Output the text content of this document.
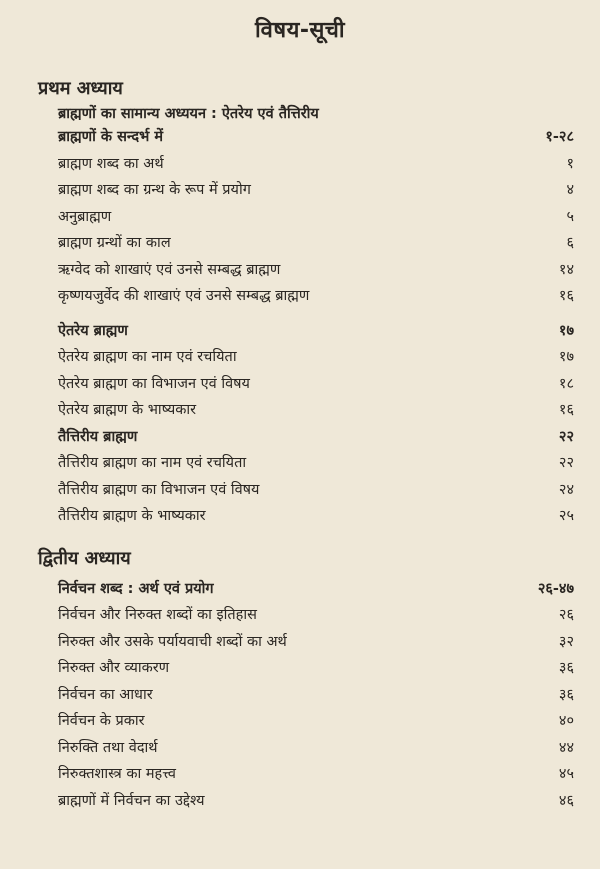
विषय-सूची
प्रथम अध्याय
ब्राह्मणों का सामान्य अध्ययन : ऐतरेय एवं तैत्तिरीय
ब्राह्मणों के सन्दर्भ में	१-२८
ब्राह्मण शब्द का अर्थ	१
ब्राह्मण शब्द का ग्रन्थ के रूप में प्रयोग	४
अनुब्राह्मण	५
ब्राह्मण ग्रन्थों का काल	६
ऋग्वेद को शाखाएं एवं उनसे सम्बद्ध ब्राह्मण	१४
कृष्णयजुर्वेद की शाखाएं एवं उनसे सम्बद्ध ब्राह्मण	१६
ऐतरेय ब्राह्मण	१७
ऐतरेय ब्राह्मण का नाम एवं रचयिता	१७
ऐतरेय ब्राह्मण का विभाजन एवं विषय	१८
ऐतरेय ब्राह्मण के भाष्यकार	१६
तैत्तिरीय ब्राह्मण	२२
तैत्तिरीय ब्राह्मण का नाम एवं रचयिता	२२
तैत्तिरीय ब्राह्मण का विभाजन एवं विषय	२४
तैत्तिरीय ब्राह्मण के भाष्यकार	२५
द्वितीय अध्याय
निर्वचन शब्द : अर्थ एवं प्रयोग	२६-४७
निर्वचन और निरुक्त शब्दों का इतिहास	२६
निरुक्त और उसके पर्यायवाची शब्दों का अर्थ	३२
निरुक्त और व्याकरण	३६
निर्वचन का आधार	३६
निर्वचन के प्रकार	४०
निरुक्ति तथा वेदार्थ	४४
निरुक्तशास्त्र का महत्त्व	४५
ब्राह्मणों में निर्वचन का उद्देश्य	४६
